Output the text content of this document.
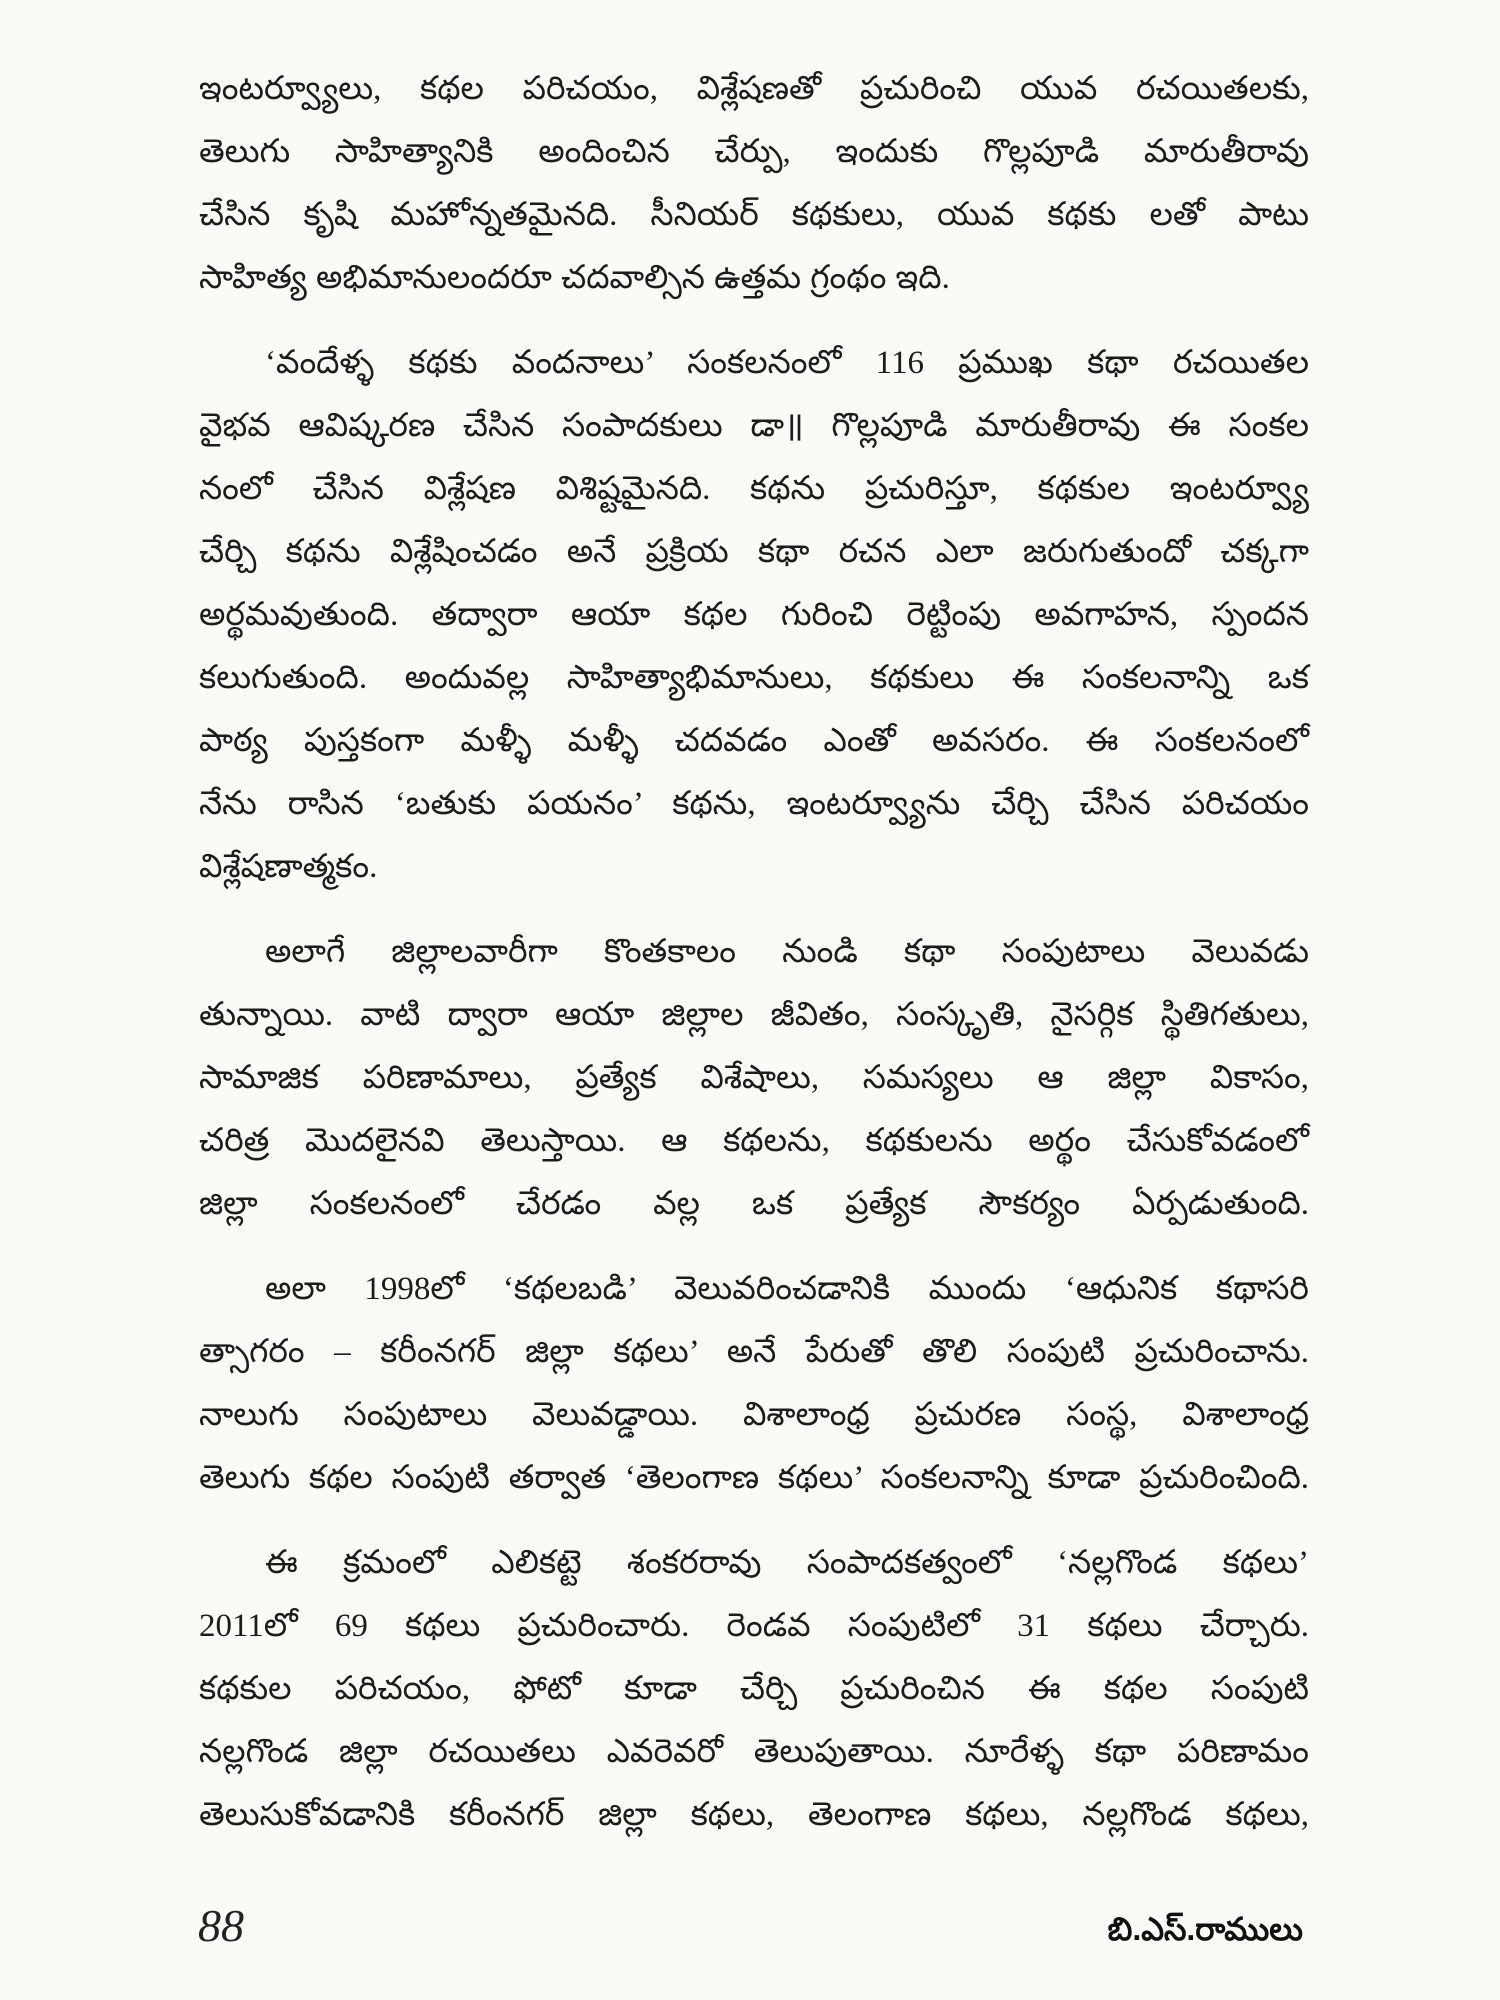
ఇంటర్వ్యూలు, కథల పరిచయం, విశ్లేషణతో ప్రచురించి యువ రచయితలకు,
తెలుగు సాహిత్యానికి అందించిన చేర్పు, ఇందుకు గొల్లపూడి మారుతీరావు
చేసిన కృషి మహోన్నతమైనది. సీనియర్ కథకులు, యువ కథకు లతో పాటు
సాహిత్య అభిమానులందరూ చదవాల్సిన ఉత్తమ గ్రంథం ఇది.
‘వందేళ్ళ కథకు వందనాలు’ సంకలనంలో 116 ప్రముఖ కథా రచయితల
వైభవ ఆవిష్కరణ చేసిన సంపాదకులు డా॥ గొల్లపూడి మారుతీరావు ఈ సంకల
నంలో చేసిన విశ్లేషణ విశిష్టమైనది. కథను ప్రచురిస్తూ, కథకుల ఇంటర్వ్యూ
చేర్చి కథను విశ్లేషించడం అనే ప్రక్రియ కథా రచన ఎలా జరుగుతుందో చక్కగా
అర్థమవుతుంది. తద్వారా ఆయా కథల గురించి రెట్టింపు అవగాహన, స్పందన
కలుగుతుంది. అందువల్ల సాహిత్యాభిమానులు, కథకులు ఈ సంకలనాన్ని ఒక
పాఠ్య పుస్తకంగా మళ్ళీ మళ్ళీ చదవడం ఎంతో అవసరం. ఈ సంకలనంలో
నేను రాసిన ‘బతుకు పయనం’ కథను, ఇంటర్వ్యూను చేర్చి చేసిన పరిచయం
విశ్లేషణాత్మకం.
అలాగే జిల్లాలవారీగా కొంతకాలం నుండి కథా సంపుటాలు వెలువడు
తున్నాయి. వాటి ద్వారా ఆయా జిల్లాల జీవితం, సంస్కృతి, నైసర్గిక స్థితిగతులు,
సామాజిక పరిణామాలు, ప్రత్యేక విశేషాలు, సమస్యలు ఆ జిల్లా వికాసం,
చరిత్ర మొదలైనవి తెలుస్తాయి. ఆ కథలను, కథకులను అర్థం చేసుకోవడంలో
జిల్లా సంకలనంలో చేరడం వల్ల ఒక ప్రత్యేక సౌకర్యం ఏర్పడుతుంది.
అలా 1998లో ‘కథలబడి’ వెలువరించడానికి ముందు ‘ఆధునిక కథాసరి
త్సాగరం – కరీంనగర్ జిల్లా కథలు’ అనే పేరుతో తొలి సంపుటి ప్రచురించాను.
నాలుగు సంపుటాలు వెలువడ్డాయి. విశాలాంధ్ర ప్రచురణ సంస్థ, విశాలాంధ్ర
తెలుగు కథల సంపుటి తర్వాత ‘తెలంగాణ కథలు’ సంకలనాన్ని కూడా ప్రచురించింది.
ఈ క్రమంలో ఎలికట్టె శంకరరావు సంపాదకత్వంలో ‘నల్లగొండ కథలు’
2011లో 69 కథలు ప్రచురించారు. రెండవ సంపుటిలో 31 కథలు చేర్చారు.
కథకుల పరిచయం, ఫోటో కూడా చేర్చి ప్రచురించిన ఈ కథల సంపుటి
నల్లగొండ జిల్లా రచయితలు ఎవరెవరో తెలుపుతాయి. నూరేళ్ళ కథా పరిణామం
తెలుసుకోవడానికి కరీంనగర్ జిల్లా కథలు, తెలంగాణ కథలు, నల్లగొండ కథలు,
88	బి.ఎస్.రాములు
